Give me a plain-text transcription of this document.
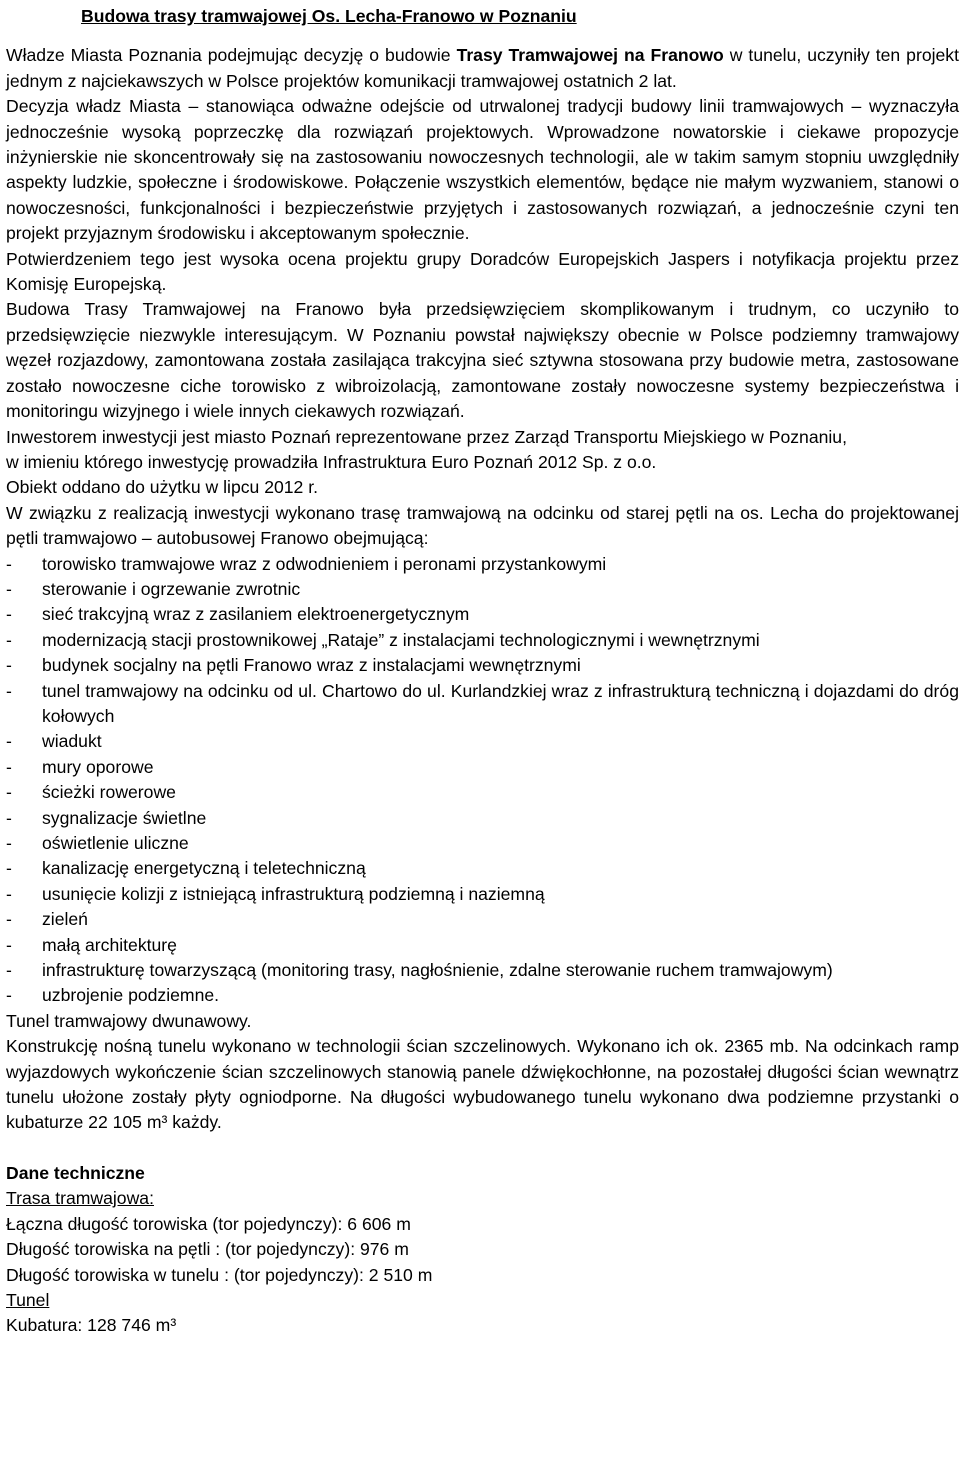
Budowa trasy tramwajowej Os. Lecha-Franowo w Poznaniu

Władze Miasta Poznania podejmując decyzję o budowie Trasy Tramwajowej na Franowo w tunelu, uczyniły ten projekt jednym z najciekawszych w Polsce projektów komunikacji tramwajowej ostatnich 2 lat.

Decyzja władz Miasta – stanowiąca odważne odejście od utrwalonej tradycji budowy linii tramwajowych – wyznaczyła jednocześnie wysoką poprzeczkę dla rozwiązań projektowych. Wprowadzone nowatorskie i ciekawe propozycje inżynierskie nie skoncentrowały się na zastosowaniu nowoczesnych technologii, ale w takim samym stopniu uwzględniły aspekty ludzkie, społeczne i środowiskowe. Połączenie wszystkich elementów, będące nie małym wyzwaniem, stanowi o nowoczesności, funkcjonalności i bezpieczeństwie przyjętych i zastosowanych rozwiązań, a jednocześnie czyni ten projekt przyjaznym środowisku i akceptowanym społecznie.

Potwierdzeniem tego jest wysoka ocena projektu grupy Doradców Europejskich Jaspers i notyfikacja projektu przez Komisję Europejską.

Budowa Trasy Tramwajowej na Franowo była przedsięwzięciem skomplikowanym i trudnym, co uczyniło to przedsięwzięcie niezwykle interesującym. W Poznaniu powstał największy obecnie w Polsce podziemny tramwajowy węzeł rozjazdowy, zamontowana została zasilająca trakcyjna sieć sztywna stosowana przy budowie metra, zastosowane zostało nowoczesne ciche torowisko z wibroizolacją, zamontowane zostały nowoczesne systemy bezpieczeństwa i monitoringu wizyjnego i wiele innych ciekawych rozwiązań.

Inwestorem inwestycji jest miasto Poznań reprezentowane przez Zarząd Transportu Miejskiego w Poznaniu,

w imieniu którego inwestycję prowadziła Infrastruktura Euro Poznań 2012 Sp. z o.o.

Obiekt oddano do użytku w lipcu 2012 r.

W związku z realizacją inwestycji wykonano trasę tramwajową na odcinku od starej pętli na os. Lecha do projektowanej pętli tramwajowo – autobusowej Franowo obejmującą:

- torowisko tramwajowe wraz z odwodnieniem i peronami przystankowymi
- sterowanie i ogrzewanie zwrotnic
- sieć trakcyjną wraz z zasilaniem elektroenergetycznym
- modernizacją stacji prostownikowej „Rataje” z instalacjami technologicznymi i wewnętrznymi
- budynek socjalny na pętli Franowo wraz z instalacjami wewnętrznymi
- tunel tramwajowy na odcinku od ul. Chartowo do ul. Kurlandzkiej wraz z infrastrukturą techniczną i dojazdami do dróg kołowych
- wiadukt
- mury oporowe
- ścieżki rowerowe
- sygnalizacje świetlne
- oświetlenie uliczne
- kanalizację energetyczną i teletechniczną
- usunięcie kolizji z istniejącą infrastrukturą podziemną i naziemną
- zieleń
- małą architekturę
- infrastrukturę towarzyszącą (monitoring trasy, nagłośnienie, zdalne sterowanie ruchem tramwajowym)
- uzbrojenie podziemne.

Tunel tramwajowy dwunawowy.

Konstrukcję nośną tunelu wykonano w technologii ścian szczelinowych. Wykonano ich ok. 2365 mb. Na odcinkach ramp wyjazdowych wykończenie ścian szczelinowych stanowią panele dźwiękochłonne, na pozostałej długości ścian wewnątrz tunelu ułożone zostały płyty ogniodporne. Na długości wybudowanego tunelu wykonano dwa podziemne przystanki o kubaturze 22 105 m³ każdy.

Dane techniczne

Trasa tramwajowa:

Łączna długość torowiska (tor pojedynczy): 6 606 m

Długość torowiska na pętli : (tor pojedynczy): 976 m

Długość torowiska w tunelu : (tor pojedynczy): 2 510 m

Tunel

Kubatura: 128 746 m³
